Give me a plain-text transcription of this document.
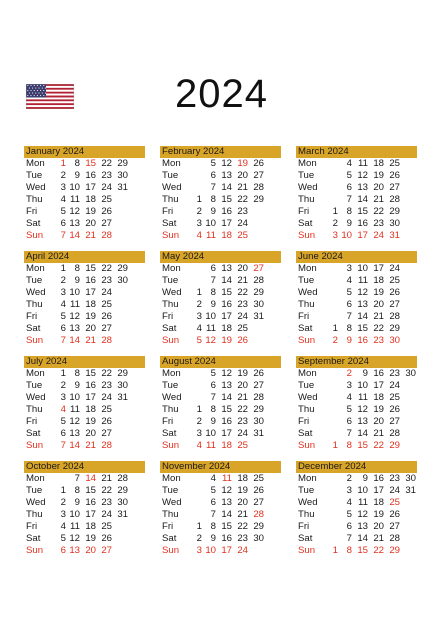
2024
January 2024
Mon	1 8 15 22 29
Tue	2 9 16 23 30
Wed	3 10 17 24 31
Thu	4 11 18 25
Fri	5 12 19 26
Sat	6 13 20 27
Sun	7 14 21 28
February 2024
Mon	5 12 19 26
Tue	6 13 20 27
Wed	7 14 21 28
Thu	1 8 15 22 29
Fri	2 9 16 23
Sat	3 10 17 24
Sun	4 11 18 25
March 2024
Mon	4 11 18 25
Tue	5 12 19 26
Wed	6 13 20 27
Thu	7 14 21 28
Fri	1 8 15 22 29
Sat	2 9 16 23 30
Sun	3 10 17 24 31
April 2024
Mon	1 8 15 22 29
Tue	2 9 16 23 30
Wed	3 10 17 24
Thu	4 11 18 25
Fri	5 12 19 26
Sat	6 13 20 27
Sun	7 14 21 28
May 2024
Mon	6 13 20 27
Tue	7 14 21 28
Wed	1 8 15 22 29
Thu	2 9 16 23 30
Fri	3 10 17 24 31
Sat	4 11 18 25
Sun	5 12 19 26
June 2024
Mon	3 10 17 24
Tue	4 11 18 25
Wed	5 12 19 26
Thu	6 13 20 27
Fri	7 14 21 28
Sat	1 8 15 22 29
Sun	2 9 16 23 30
July 2024
Mon	1 8 15 22 29
Tue	2 9 16 23 30
Wed	3 10 17 24 31
Thu	4 11 18 25
Fri	5 12 19 26
Sat	6 13 20 27
Sun	7 14 21 28
August 2024
Mon	5 12 19 26
Tue	6 13 20 27
Wed	7 14 21 28
Thu	1 8 15 22 29
Fri	2 9 16 23 30
Sat	3 10 17 24 31
Sun	4 11 18 25
September 2024
Mon	2	9 16 23 30
Tue	3 10 17 24
Wed	4 11 18 25
Thu	5 12 19 26
Fri	6 13 20 27
Sat	7 14 21 28
Sun	1 8 15 22 29
October 2024
Mon	7 14 21 28
Tue	1 8 15 22 29
Wed	2 9 16 23 30
Thu	3 10 17 24 31
Fri	4 11 18 25
Sat	5 12 19 26
Sun	6 13 20 27
November 2024
Mon	4 11 18 25
Tue	5 12 19 26
Wed	6 13 20 27
Thu	7 14 21 28
Fri	1 8 15 22 29
Sat	2 9 16 23 30
Sun	3 10 17 24
December 2024
Mon	2	9 16 23 30
Tue	3 10 17 24 31
Wed	4 11 18 25
Thu	5 12 19 26
Fri	6 13 20 27
Sat	7 14 21 28
Sun	1 8 15 22 29
